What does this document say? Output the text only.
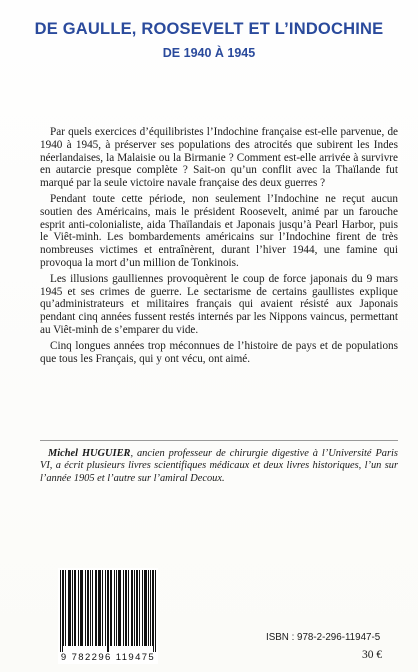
DE GAULLE, ROOSEVELT ET L’INDOCHINE
DE 1940 À 1945

Par quels exercices d’équilibristes l’Indochine française est-elle parvenue, de 1940 à 1945, à préserver ses populations des atrocités que subirent les Indes néerlandaises, la Malaisie ou la Birmanie ? Comment est-elle arrivée à survivre en autarcie presque complète ? Sait-on qu’un conflit avec la Thaïlande fut marqué par la seule victoire navale française des deux guerres ?

Pendant toute cette période, non seulement l’Indochine ne reçut aucun soutien des Américains, mais le président Roosevelt, animé par un farouche esprit anti-colonialiste, aida Thaïlandais et Japonais jusqu’à Pearl Harbor, puis le Viêt-minh. Les bombardements américains sur l’Indochine firent de très nombreuses victimes et entraînèrent, durant l’hiver 1944, une famine qui provoqua la mort d’un million de Tonkinois.

Les illusions gaulliennes provoquèrent le coup de force japonais du 9 mars 1945 et ses crimes de guerre. Le sectarisme de certains gaullistes explique qu’administrateurs et militaires français qui avaient résisté aux Japonais pendant cinq années fussent restés internés par les Nippons vaincus, permettant au Viêt-minh de s’emparer du vide.

Cinq longues années trop méconnues de l’histoire de pays et de populations que tous les Français, qui y ont vécu, ont aimé.

Michel HUGUIER, ancien professeur de chirurgie digestive à l’Université Paris VI, a écrit plusieurs livres scientifiques médicaux et deux livres historiques, l’un sur l’année 1905 et l’autre sur l’amiral Decoux.
9 782296 119475
ISBN : 978-2-296-11947-5
30 €
